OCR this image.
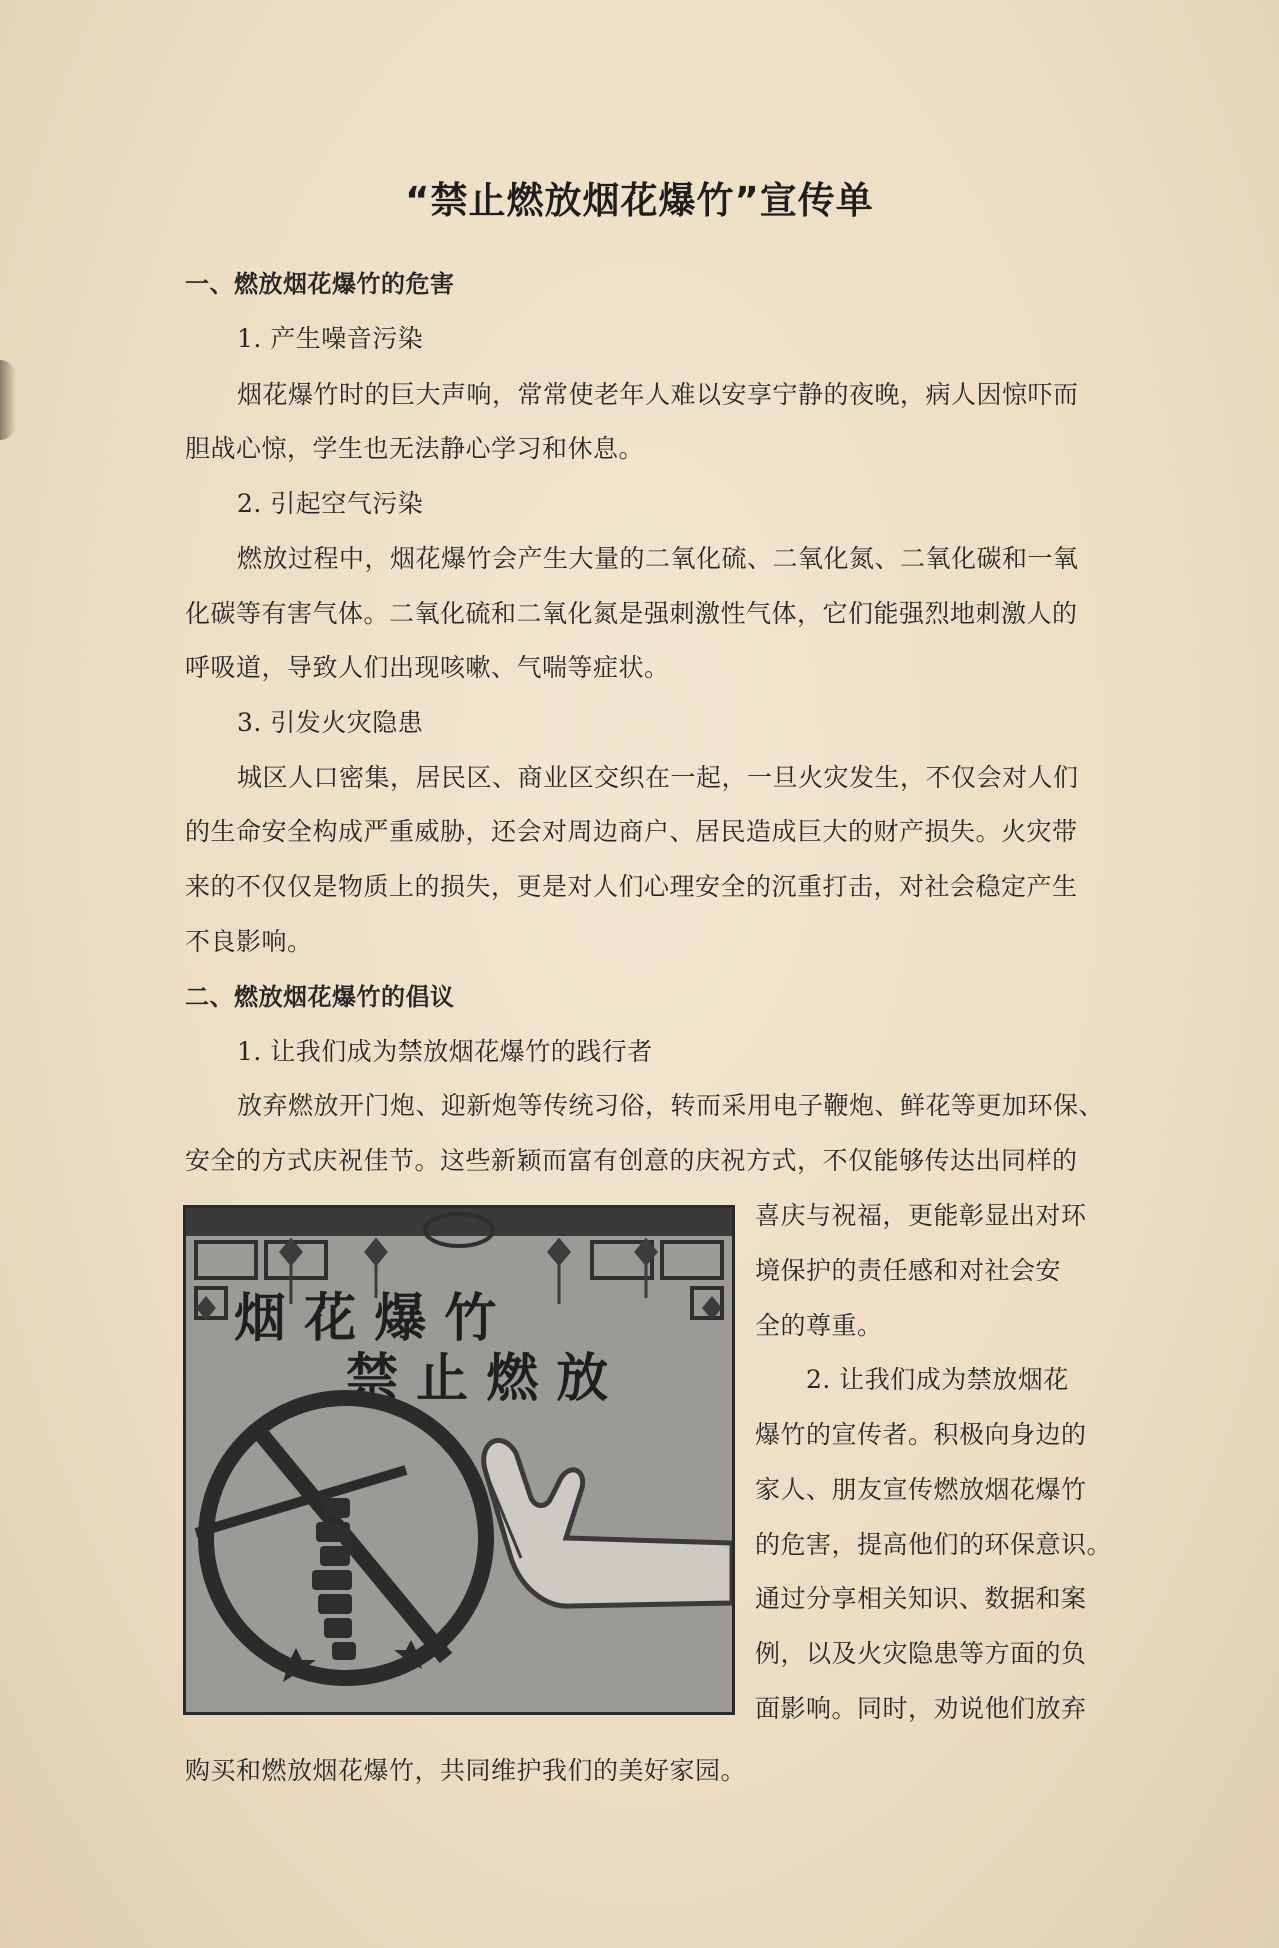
“禁止燃放烟花爆竹”宣传单
一、燃放烟花爆竹的危害
1. 产生噪音污染
烟花爆竹时的巨大声响，常常使老年人难以安享宁静的夜晚，病人因惊吓而
胆战心惊，学生也无法静心学习和休息。
2. 引起空气污染
燃放过程中，烟花爆竹会产生大量的二氧化硫、二氧化氮、二氧化碳和一氧
化碳等有害气体。二氧化硫和二氧化氮是强刺激性气体，它们能强烈地刺激人的
呼吸道，导致人们出现咳嗽、气喘等症状。
3. 引发火灾隐患
城区人口密集，居民区、商业区交织在一起，一旦火灾发生，不仅会对人们
的生命安全构成严重威胁，还会对周边商户、居民造成巨大的财产损失。火灾带
来的不仅仅是物质上的损失，更是对人们心理安全的沉重打击，对社会稳定产生
不良影响。
二、燃放烟花爆竹的倡议
1. 让我们成为禁放烟花爆竹的践行者
放弃燃放开门炮、迎新炮等传统习俗，转而采用电子鞭炮、鲜花等更加环保、
安全的方式庆祝佳节。这些新颖而富有创意的庆祝方式，不仅能够传达出同样的
喜庆与祝福，更能彰显出对环
境保护的责任感和对社会安
全的尊重。
2. 让我们成为禁放烟花
爆竹的宣传者。积极向身边的
家人、朋友宣传燃放烟花爆竹
的危害，提高他们的环保意识。
通过分享相关知识、数据和案
例，以及火灾隐患等方面的负
面影响。同时，劝说他们放弃
购买和燃放烟花爆竹，共同维护我们的美好家园。
烟 花 爆 竹
禁 止 燃 放
